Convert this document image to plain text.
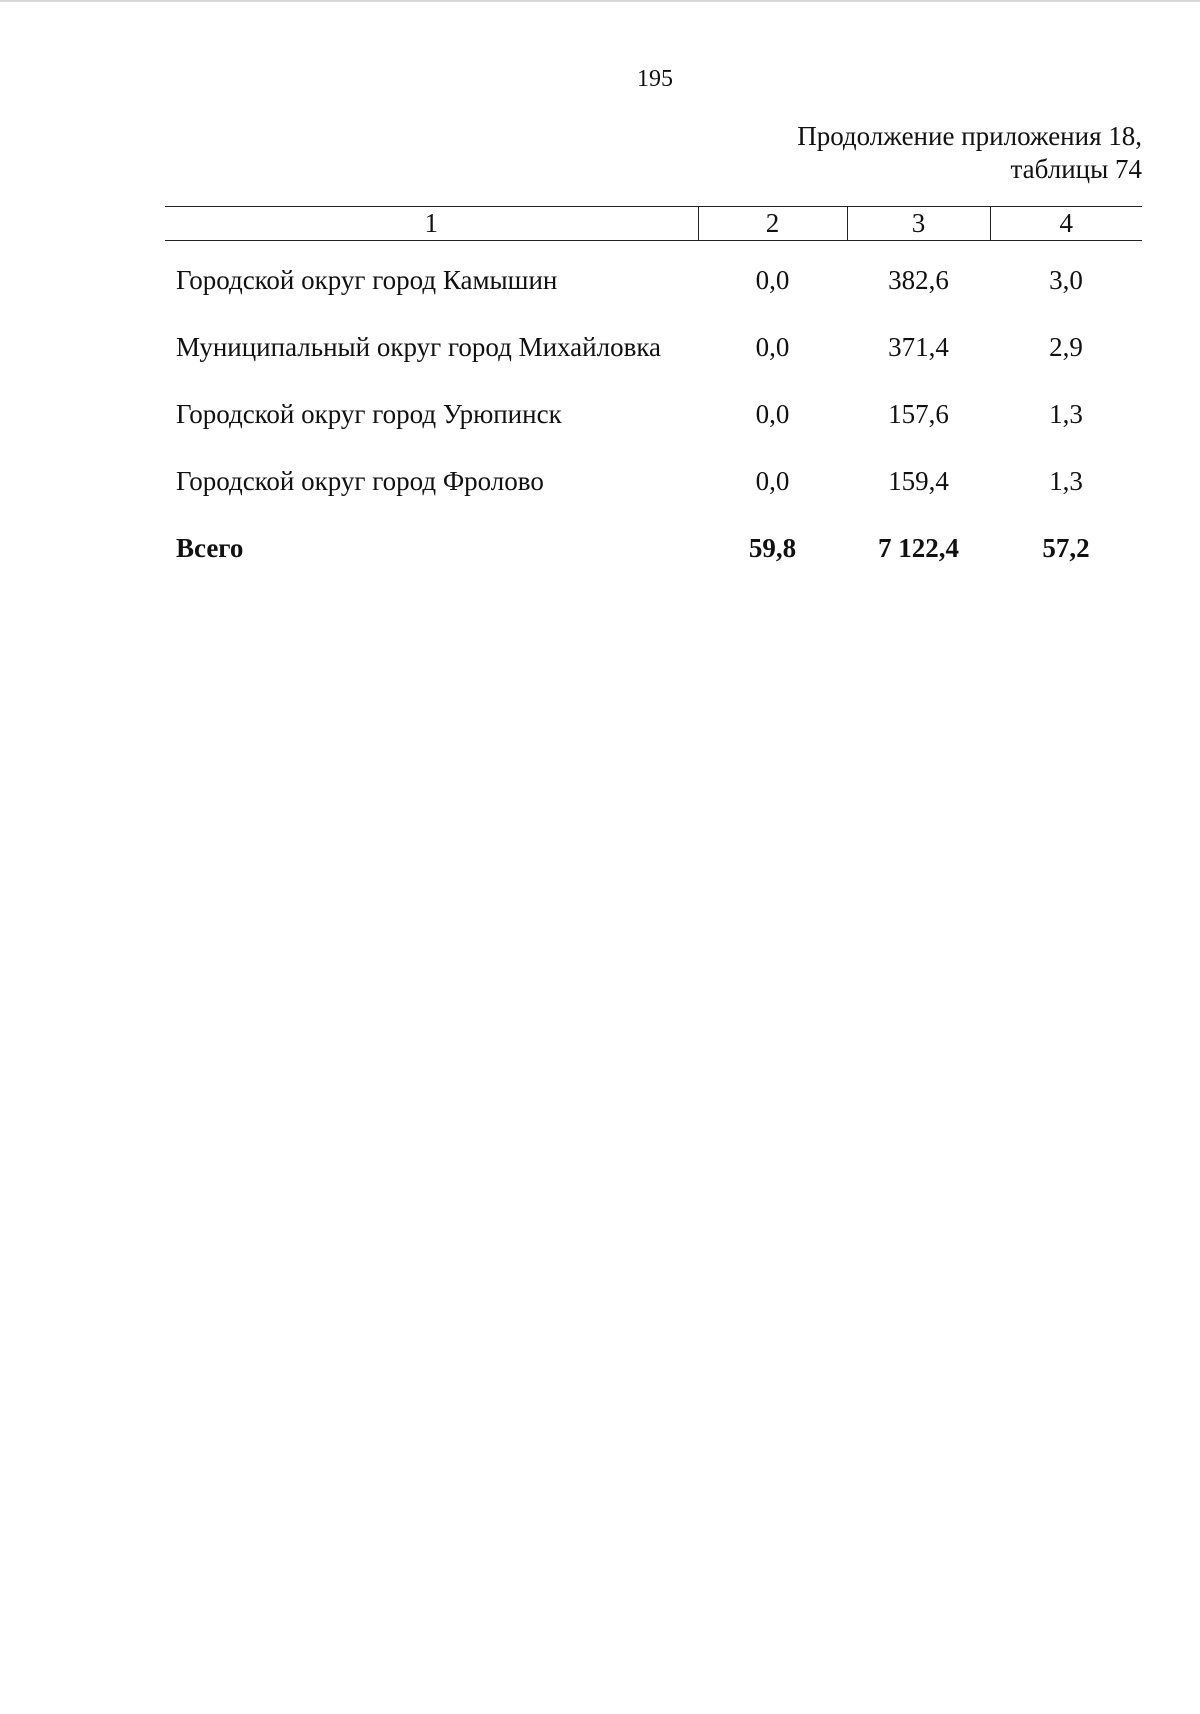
195
Продолжение приложения 18,
таблицы 74
1	2	3	4
Городской округ город Камышин	0,0	382,6	3,0
Муниципальный округ город Михайловка	0,0	371,4	2,9
Городской округ город Урюпинск	0,0	157,6	1,3
Городской округ город Фролово	0,0	159,4	1,3
Всего	59,8	7 122,4	57,2
